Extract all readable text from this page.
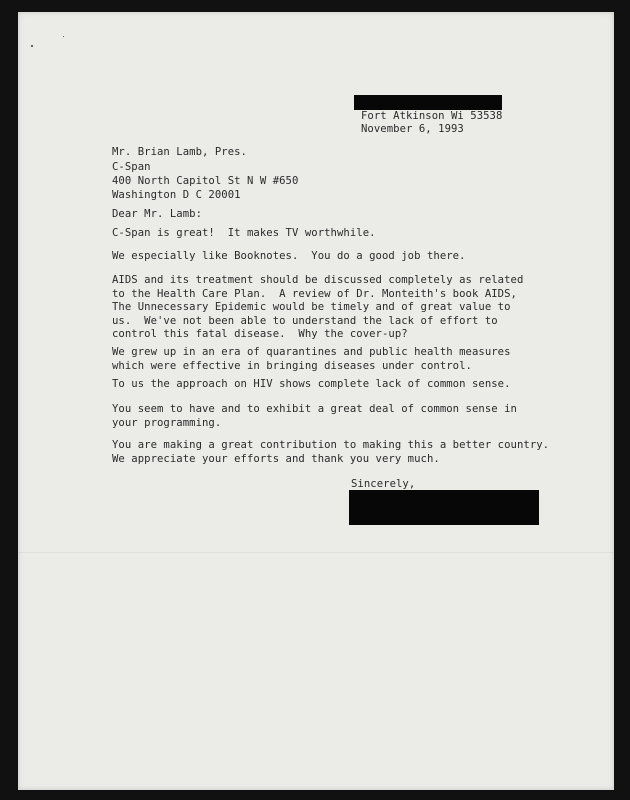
Fort Atkinson Wi 53538
November 6, 1993
Mr. Brian Lamb, Pres.
C-Span
400 North Capitol St N W #650
Washington D C 20001
Dear Mr. Lamb:
C-Span is great!  It makes TV worthwhile.
We especially like Booknotes.  You do a good job there.
AIDS and its treatment should be discussed completely as related
to the Health Care Plan.  A review of Dr. Monteith's book AIDS,
The Unnecessary Epidemic would be timely and of great value to
us.  We've not been able to understand the lack of effort to
control this fatal disease.  Why the cover-up?
We grew up in an era of quarantines and public health measures
which were effective in bringing diseases under control.
To us the approach on HIV shows complete lack of common sense.
You seem to have and to exhibit a great deal of common sense in
your programming.
You are making a great contribution to making this a better country.
We appreciate your efforts and thank you very much.
Sincerely,
